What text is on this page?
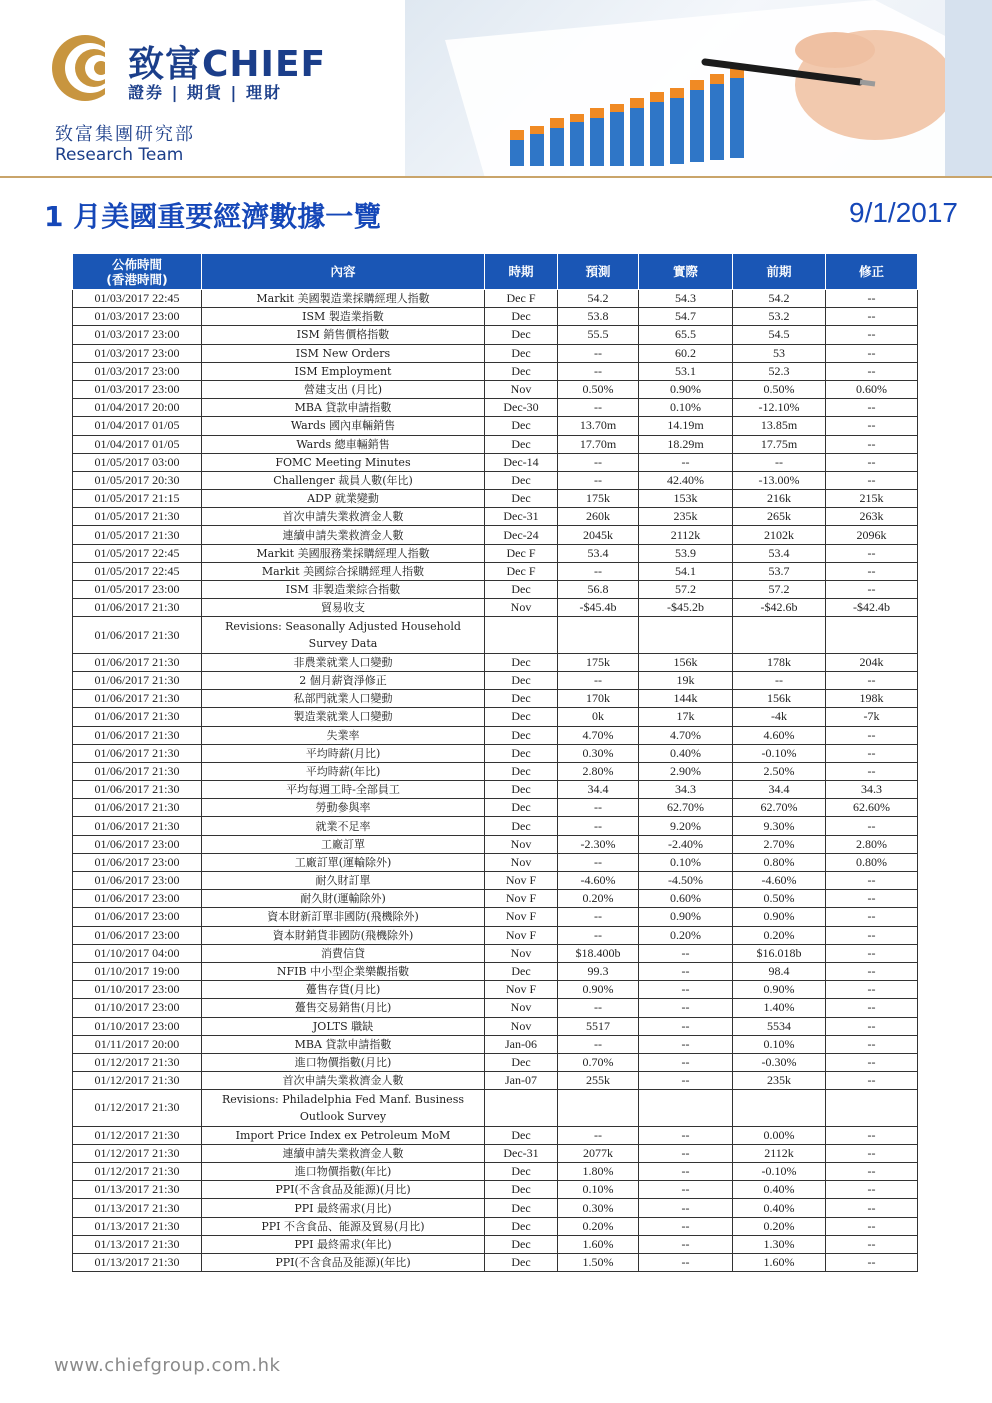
致富CHIEF
證券 | 期貨 | 理財
致富集團研究部
Research Team
1 月美國重要經濟數據一覽	9/1/2017
公佈時間
(香港時間)	內容	時期	預測	實際	前期	修正
01/03/2017 22:45	Markit 美國製造業採購經理人指數	Dec F	54.2	54.3	54.2	--
01/03/2017 23:00	ISM 製造業指數	Dec	53.8	54.7	53.2	--
01/03/2017 23:00	ISM 銷售價格指數	Dec	55.5	65.5	54.5	--
01/03/2017 23:00	ISM New Orders	Dec	--	60.2	53	--
01/03/2017 23:00	ISM Employment	Dec	--	53.1	52.3	--
01/03/2017 23:00	營建支出 (月比)	Nov	0.50%	0.90%	0.50%	0.60%
01/04/2017 20:00	MBA 貸款申請指數	Dec-30	--	0.10%	-12.10%	--
01/04/2017 01/05	Wards 國內車輛銷售	Dec	13.70m	14.19m	13.85m	--
01/04/2017 01/05	Wards 總車輛銷售	Dec	17.70m	18.29m	17.75m	--
01/05/2017 03:00	FOMC Meeting Minutes	Dec-14	--	--	--	--
01/05/2017 20:30	Challenger 裁員人數(年比)	Dec	--	42.40%	-13.00%	--
01/05/2017 21:15	ADP 就業變動	Dec	175k	153k	216k	215k
01/05/2017 21:30	首次申請失業救濟金人數	Dec-31	260k	235k	265k	263k
01/05/2017 21:30	連續申請失業救濟金人數	Dec-24	2045k	2112k	2102k	2096k
01/05/2017 22:45	Markit 美國服務業採購經理人指數	Dec F	53.4	53.9	53.4	--
01/05/2017 22:45	Markit 美國綜合採購經理人指數	Dec F	--	54.1	53.7	--
01/05/2017 23:00	ISM 非製造業綜合指數	Dec	56.8	57.2	57.2	--
01/06/2017 21:30	貿易收支	Nov	-$45.4b	-$45.2b	-$42.6b	-$42.4b
01/06/2017 21:30	Revisions: Seasonally Adjusted Household Survey Data					
01/06/2017 21:30	非農業就業人口變動	Dec	175k	156k	178k	204k
01/06/2017 21:30	2 個月薪資淨修正	Dec	--	19k	--	--
01/06/2017 21:30	私部門就業人口變動	Dec	170k	144k	156k	198k
01/06/2017 21:30	製造業就業人口變動	Dec	0k	17k	-4k	-7k
01/06/2017 21:30	失業率	Dec	4.70%	4.70%	4.60%	--
01/06/2017 21:30	平均時薪(月比)	Dec	0.30%	0.40%	-0.10%	--
01/06/2017 21:30	平均時薪(年比)	Dec	2.80%	2.90%	2.50%	--
01/06/2017 21:30	平均每週工時-全部員工	Dec	34.4	34.3	34.4	34.3
01/06/2017 21:30	勞動參與率	Dec	--	62.70%	62.70%	62.60%
01/06/2017 21:30	就業不足率	Dec	--	9.20%	9.30%	--
01/06/2017 23:00	工廠訂單	Nov	-2.30%	-2.40%	2.70%	2.80%
01/06/2017 23:00	工廠訂單(運輸除外)	Nov	--	0.10%	0.80%	0.80%
01/06/2017 23:00	耐久財訂單	Nov F	-4.60%	-4.50%	-4.60%	--
01/06/2017 23:00	耐久財(運輸除外)	Nov F	0.20%	0.60%	0.50%	--
01/06/2017 23:00	資本財新訂單非國防(飛機除外)	Nov F	--	0.90%	0.90%	--
01/06/2017 23:00	資本財銷貨非國防(飛機除外)	Nov F	--	0.20%	0.20%	--
01/10/2017 04:00	消費信貸	Nov	$18.400b	--	$16.018b	--
01/10/2017 19:00	NFIB 中小型企業樂觀指數	Dec	99.3	--	98.4	--
01/10/2017 23:00	躉售存貨(月比)	Nov F	0.90%	--	0.90%	--
01/10/2017 23:00	躉售交易銷售(月比)	Nov	--	--	1.40%	--
01/10/2017 23:00	JOLTS 職缺	Nov	5517	--	5534	--
01/11/2017 20:00	MBA 貸款申請指數	Jan-06	--	--	0.10%	--
01/12/2017 21:30	進口物價指數(月比)	Dec	0.70%	--	-0.30%	--
01/12/2017 21:30	首次申請失業救濟金人數	Jan-07	255k	--	235k	--
01/12/2017 21:30	Revisions: Philadelphia Fed Manf. Business Outlook Survey					
01/12/2017 21:30	Import Price Index ex Petroleum MoM	Dec	--	--	0.00%	--
01/12/2017 21:30	連續申請失業救濟金人數	Dec-31	2077k	--	2112k	--
01/12/2017 21:30	進口物價指數(年比)	Dec	1.80%	--	-0.10%	--
01/13/2017 21:30	PPI(不含食品及能源)(月比)	Dec	0.10%	--	0.40%	--
01/13/2017 21:30	PPI 最終需求(月比)	Dec	0.30%	--	0.40%	--
01/13/2017 21:30	PPI 不含食品、能源及貿易(月比)	Dec	0.20%	--	0.20%	--
01/13/2017 21:30	PPI 最終需求(年比)	Dec	1.60%	--	1.30%	--
01/13/2017 21:30	PPI(不含食品及能源)(年比)	Dec	1.50%	--	1.60%	--
www.chiefgroup.com.hk
